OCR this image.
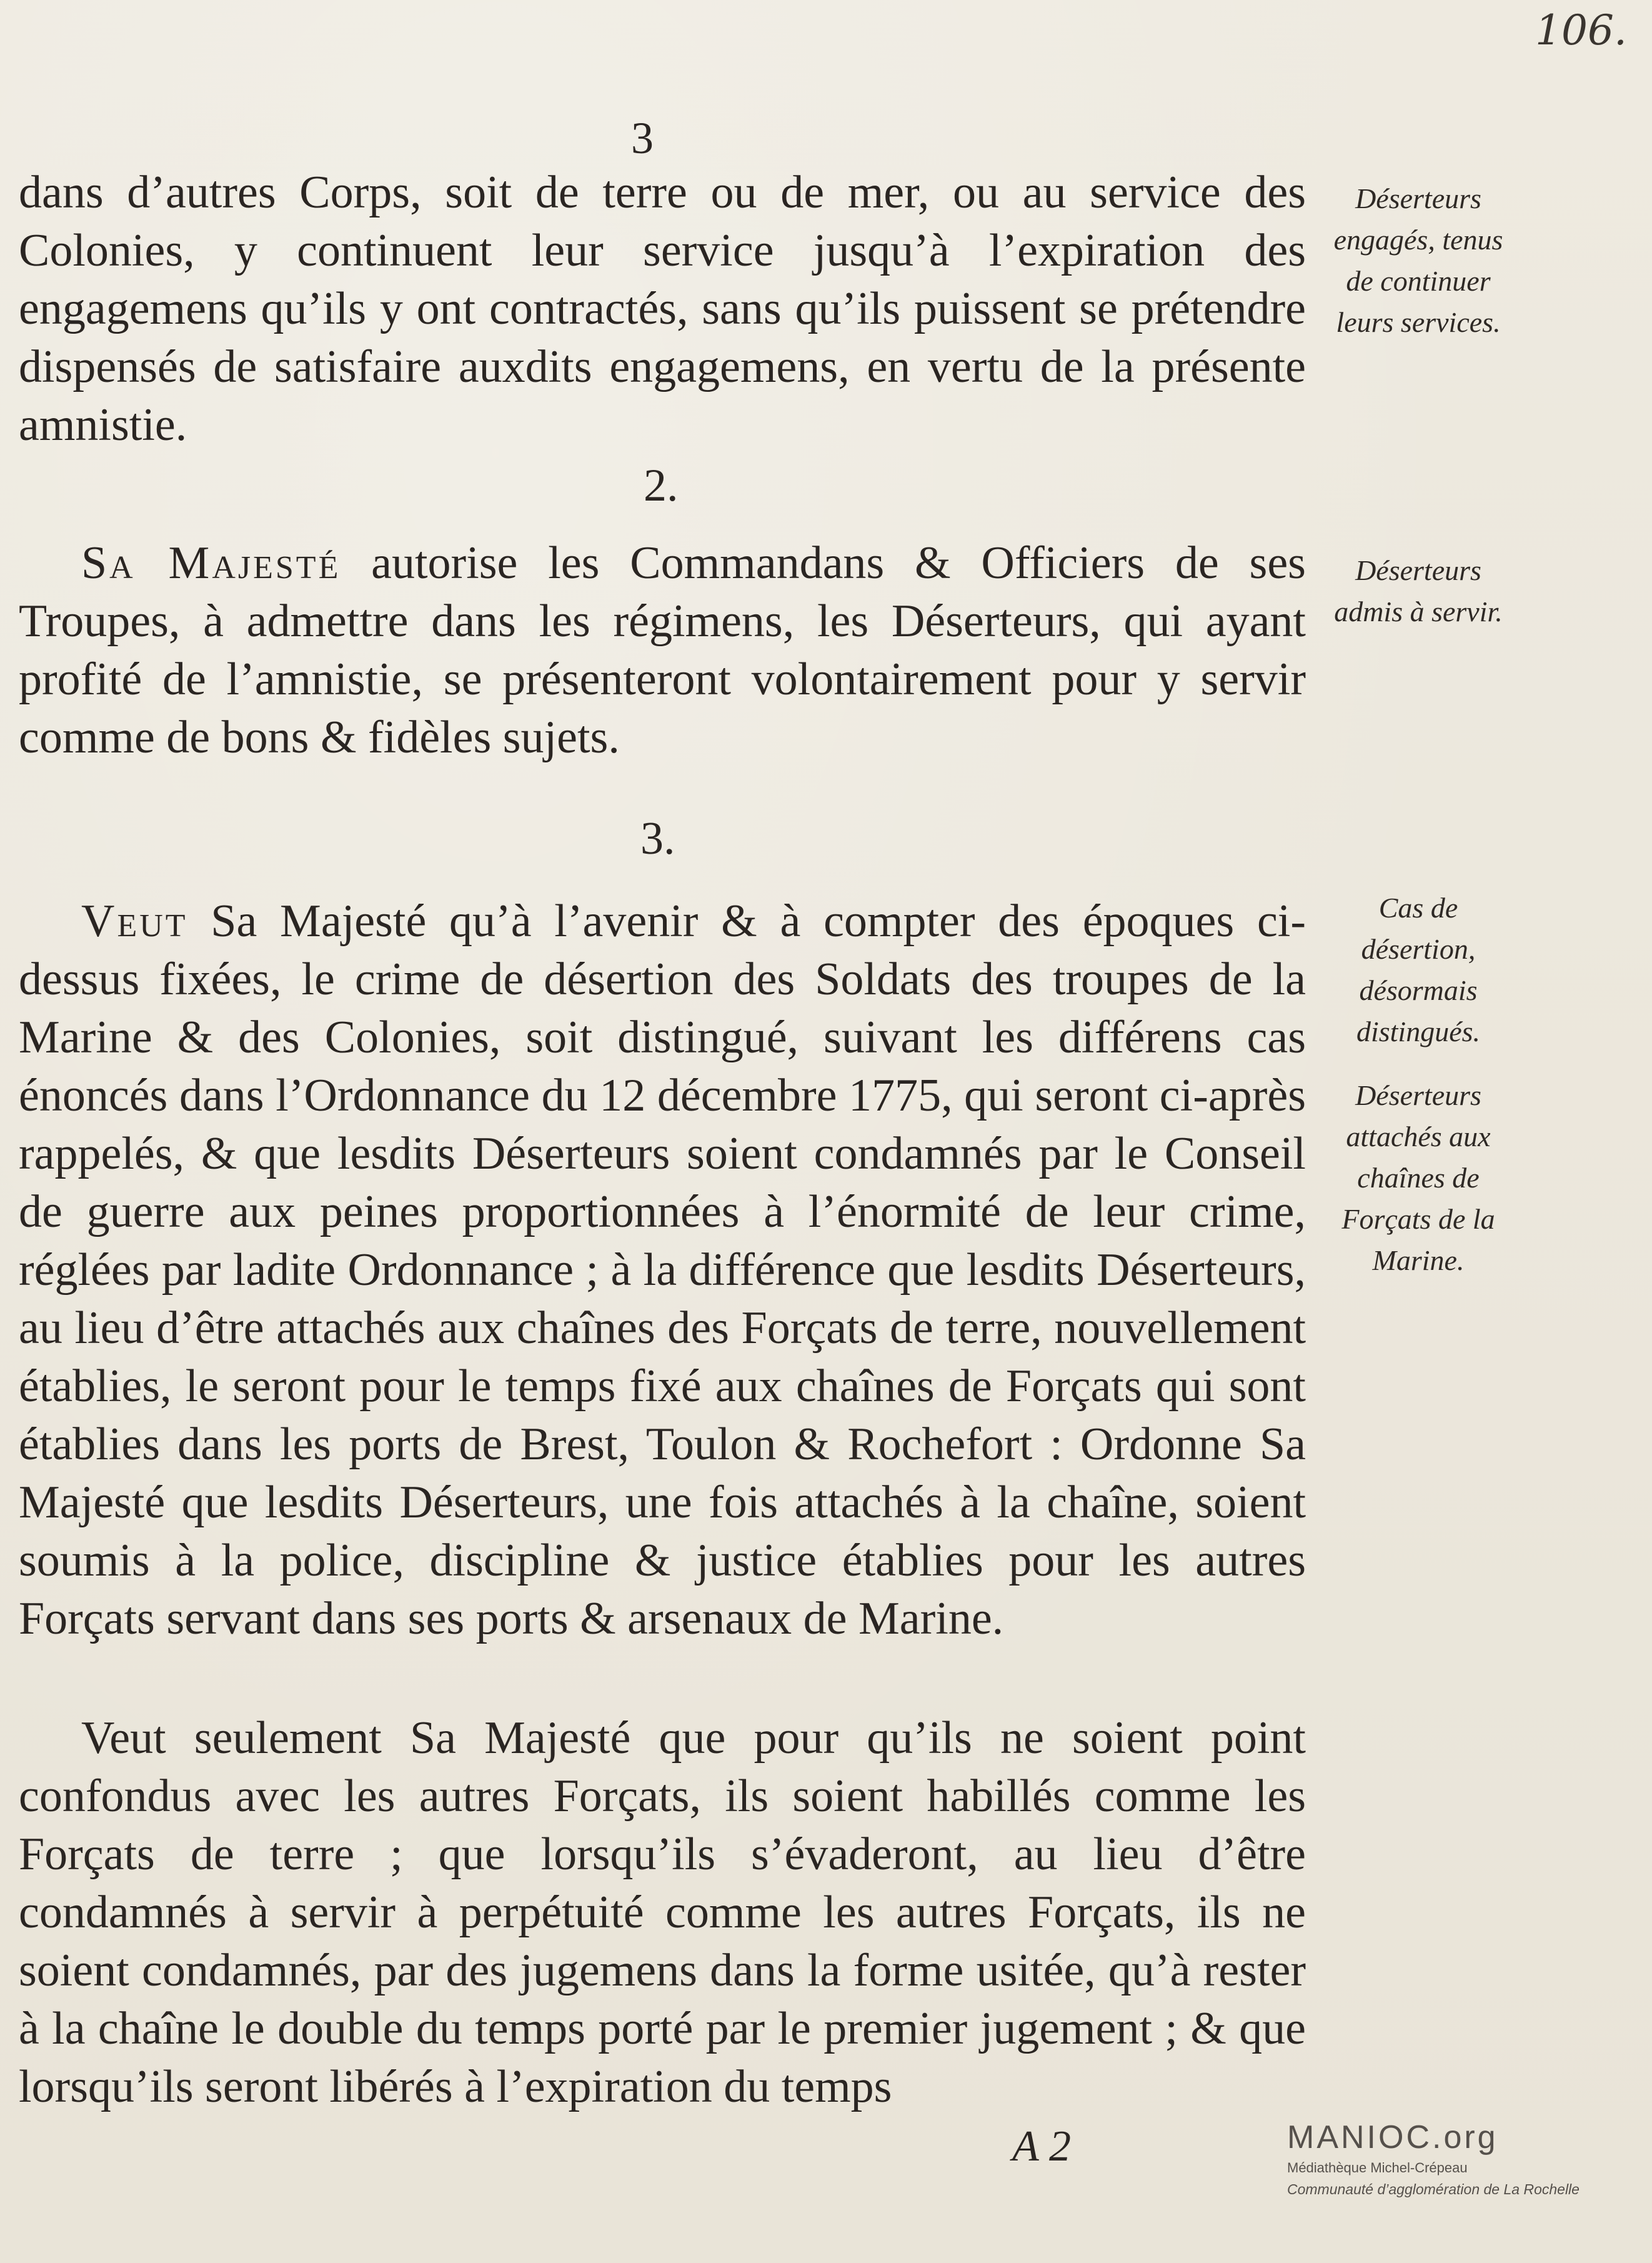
106.
3

dans d’autres Corps, soit de terre ou de mer, ou au service des Colonies, y continuent leur service jusqu’à l’expiration des engagemens qu’ils y ont contractés, sans qu’ils puissent se prétendre dispensés de satisfaire auxdits engagemens, en vertu de la présente amnistie.

2.

Sa Majesté autorise les Commandans & Officiers de ses Troupes, à admettre dans les régimens, les Déserteurs, qui ayant profité de l’amnistie, se présenteront volontairement pour y servir comme de bons & fidèles sujets.

3.

Veut Sa Majesté qu’à l’avenir & à compter des époques ci-dessus fixées, le crime de désertion des Soldats des troupes de la Marine & des Colonies, soit distingué, suivant les différens cas énoncés dans l’Ordonnance du 12 décembre 1775, qui seront ci-après rappelés, & que lesdits Déserteurs soient condamnés par le Conseil de guerre aux peines proportionnées à l’énormité de leur crime, réglées par ladite Ordonnance ; à la différence que lesdits Déserteurs, au lieu d’être attachés aux chaînes des Forçats de terre, nouvellement établies, le seront pour le temps fixé aux chaînes de Forçats qui sont établies dans les ports de Brest, Toulon & Rochefort : Ordonne Sa Majesté que lesdits Déserteurs, une fois attachés à la chaîne, soient soumis à la police, discipline & justice établies pour les autres Forçats servant dans ses ports & arsenaux de Marine.

Veut seulement Sa Majesté que pour qu’ils ne soient point confondus avec les autres Forçats, ils soient habillés comme les Forçats de terre ; que lorsqu’ils s’évaderont, au lieu d’être condamnés à servir à perpétuité comme les autres Forçats, ils ne soient condamnés, par des jugemens dans la forme usitée, qu’à rester à la chaîne le double du temps porté par le premier jugement ; & que lorsqu’ils seront libérés à l’expiration du temps

Déserteurs engagés, tenus de continuer leurs services.
Déserteurs admis à servir.
Cas de désertion, désormais distingués.
Déserteurs attachés aux chaînes de Forçats de la Marine.
A 2	MANIOC.org
Médiathèque Michel-Crépeau
Communauté d’agglomération de La Rochelle
